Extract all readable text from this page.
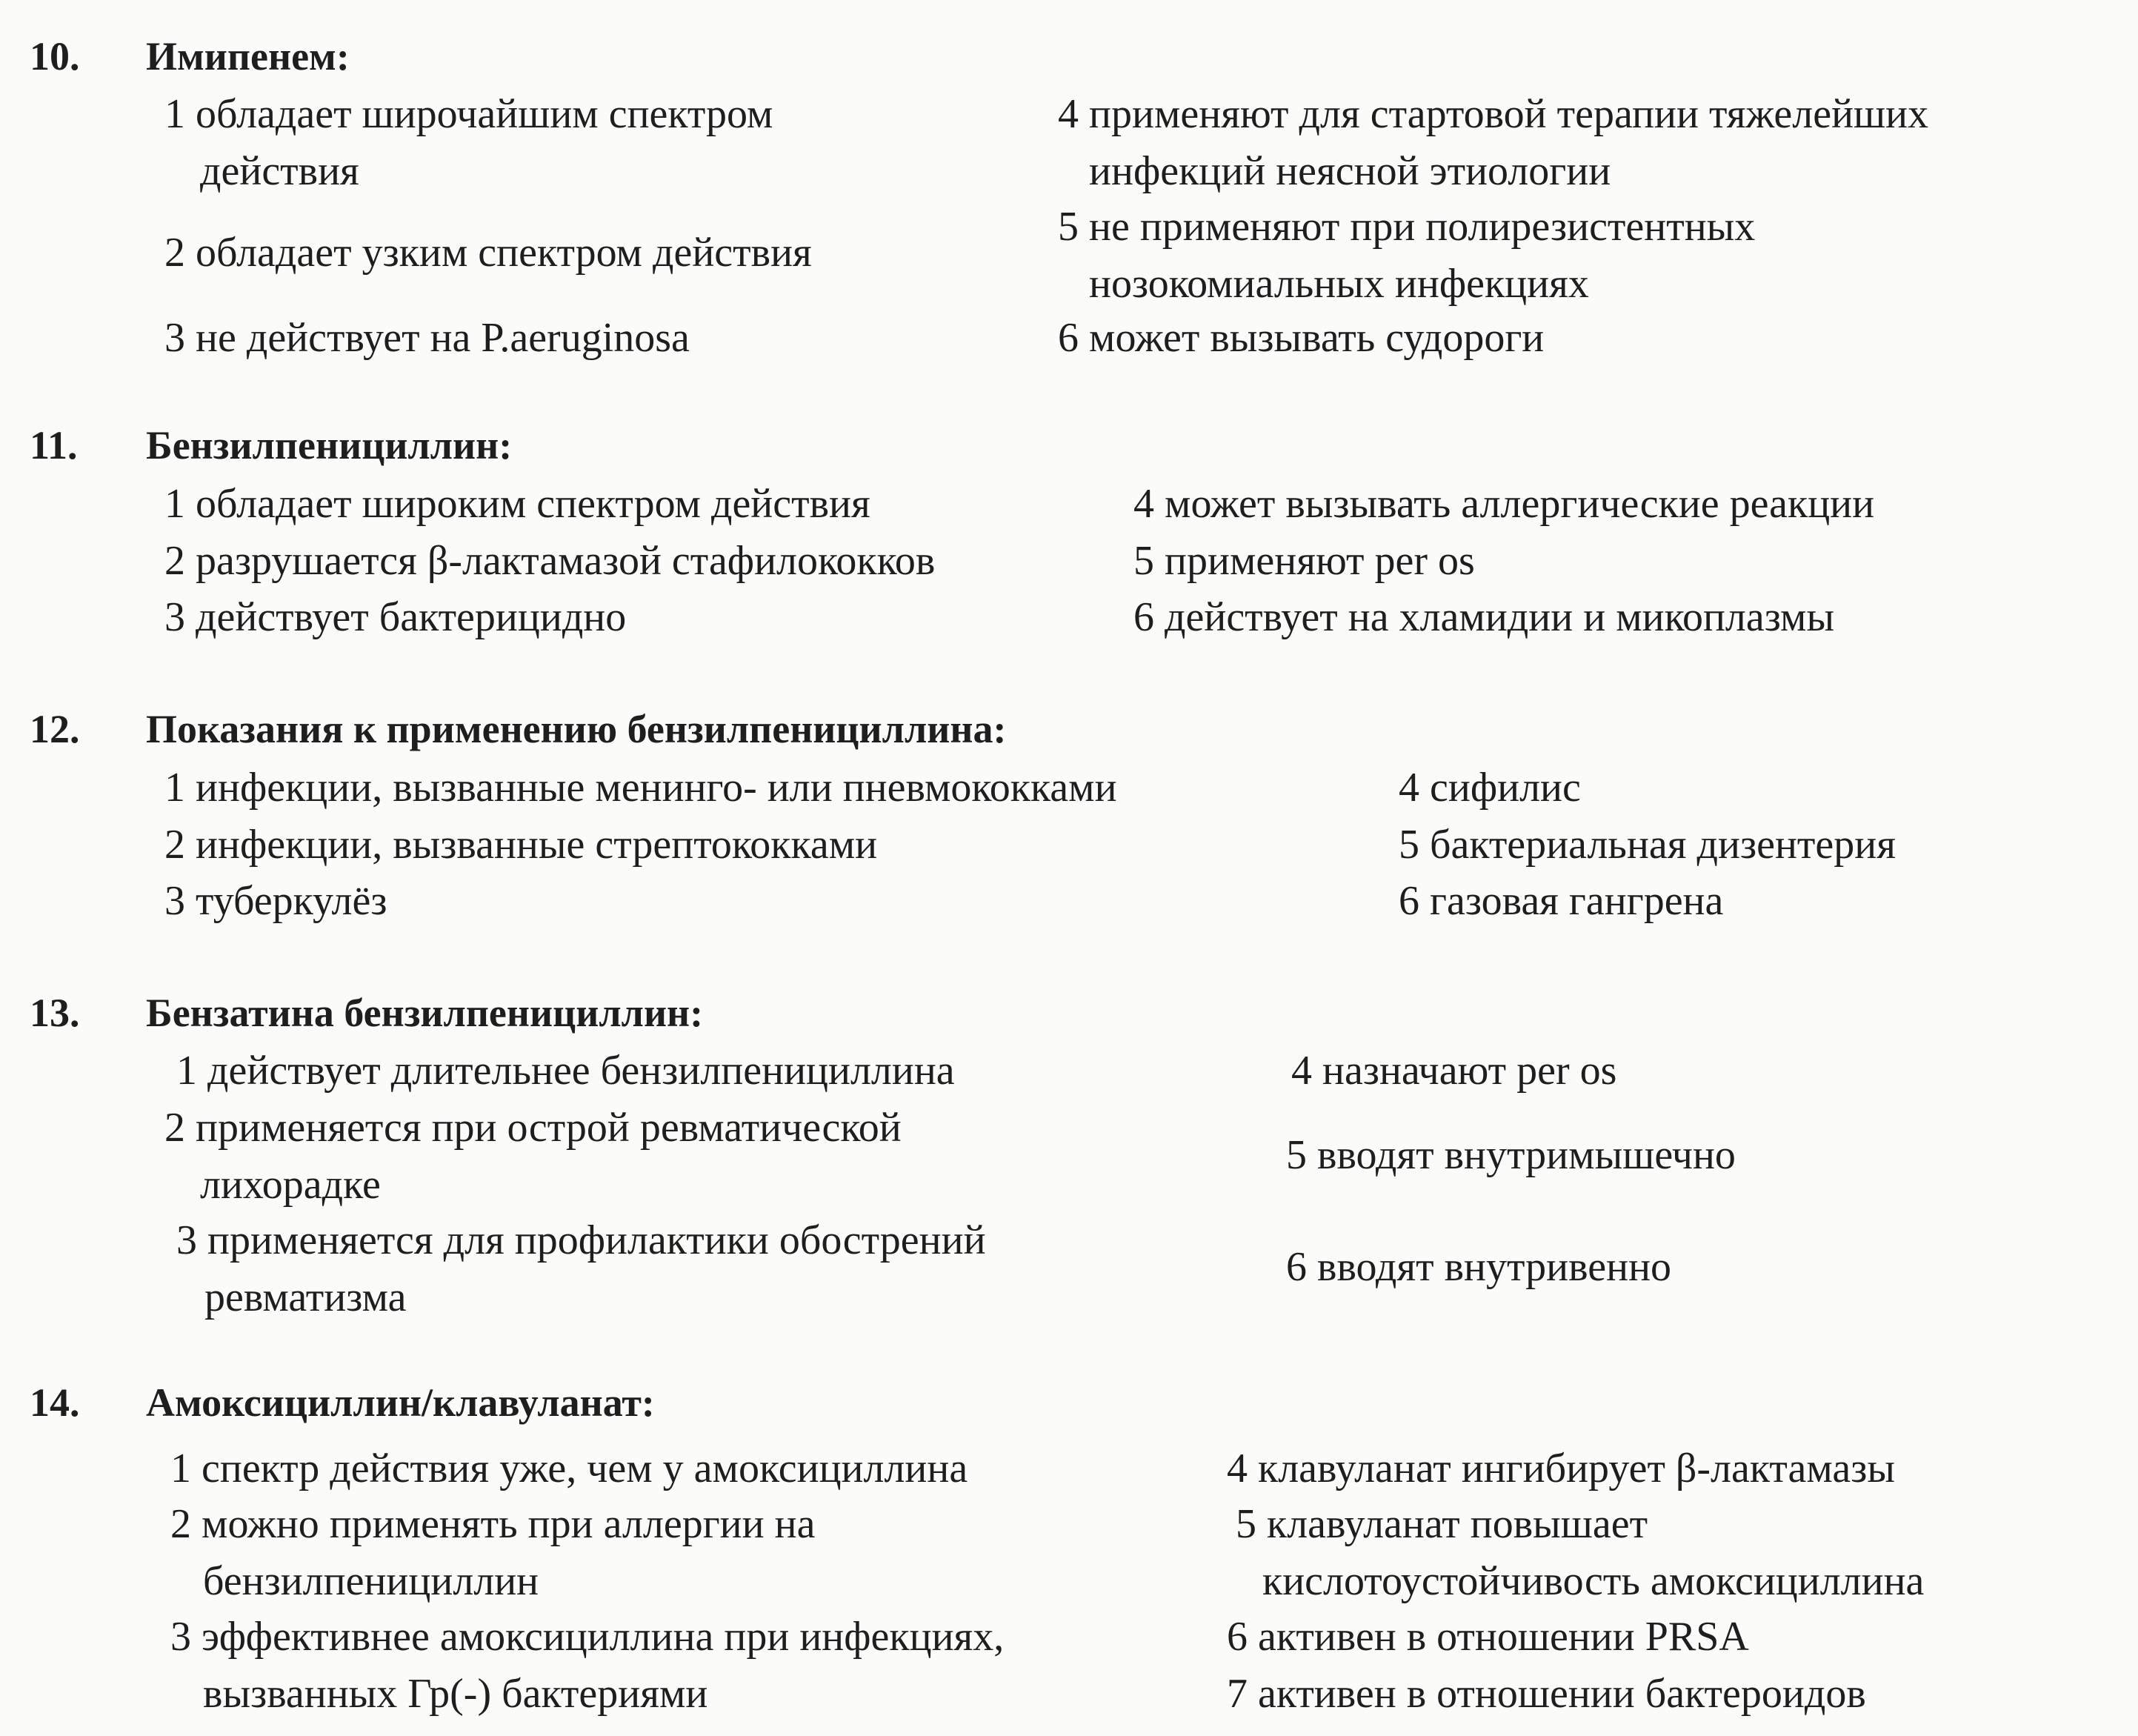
10. Имипенем:
1 обладает широчайшим спектром
действия
2 обладает узким спектром действия
3 не действует на P.aeruginosa
4 применяют для стартовой терапии тяжелейших
инфекций неясной этиологии
5 не применяют при полирезистентных
нозокомиальных инфекциях
6 может вызывать судороги
11. Бензилпенициллин:
1 обладает широким спектром действия
2 разрушается β-лактамазой стафилококков
3 действует бактерицидно
4 может вызывать аллергические реакции
5 применяют per os
6 действует на хламидии и микоплазмы
12. Показания к применению бензилпенициллина:
1 инфекции, вызванные менинго- или пневмококками
2 инфекции, вызванные стрептококками
3 туберкулёз
4 сифилис
5 бактериальная дизентерия
6 газовая гангрена
13. Бензатина бензилпенициллин:
1 действует длительнее бензилпенициллина
2 применяется при острой ревматической
лихорадке
3 применяется для профилактики обострений
ревматизма
4 назначают per os
5 вводят внутримышечно
6 вводят внутривенно
14. Амоксициллин/клавуланат:
1 спектр действия уже, чем у амоксициллина
2 можно применять при аллергии на
бензилпенициллин
3 эффективнее амоксициллина при инфекциях,
вызванных Гр(-) бактериями
4 клавуланат ингибирует β-лактамазы
5 клавуланат повышает
кислотоустойчивость амоксициллина
6 активен в отношении PRSA
7 активен в отношении бактероидов
